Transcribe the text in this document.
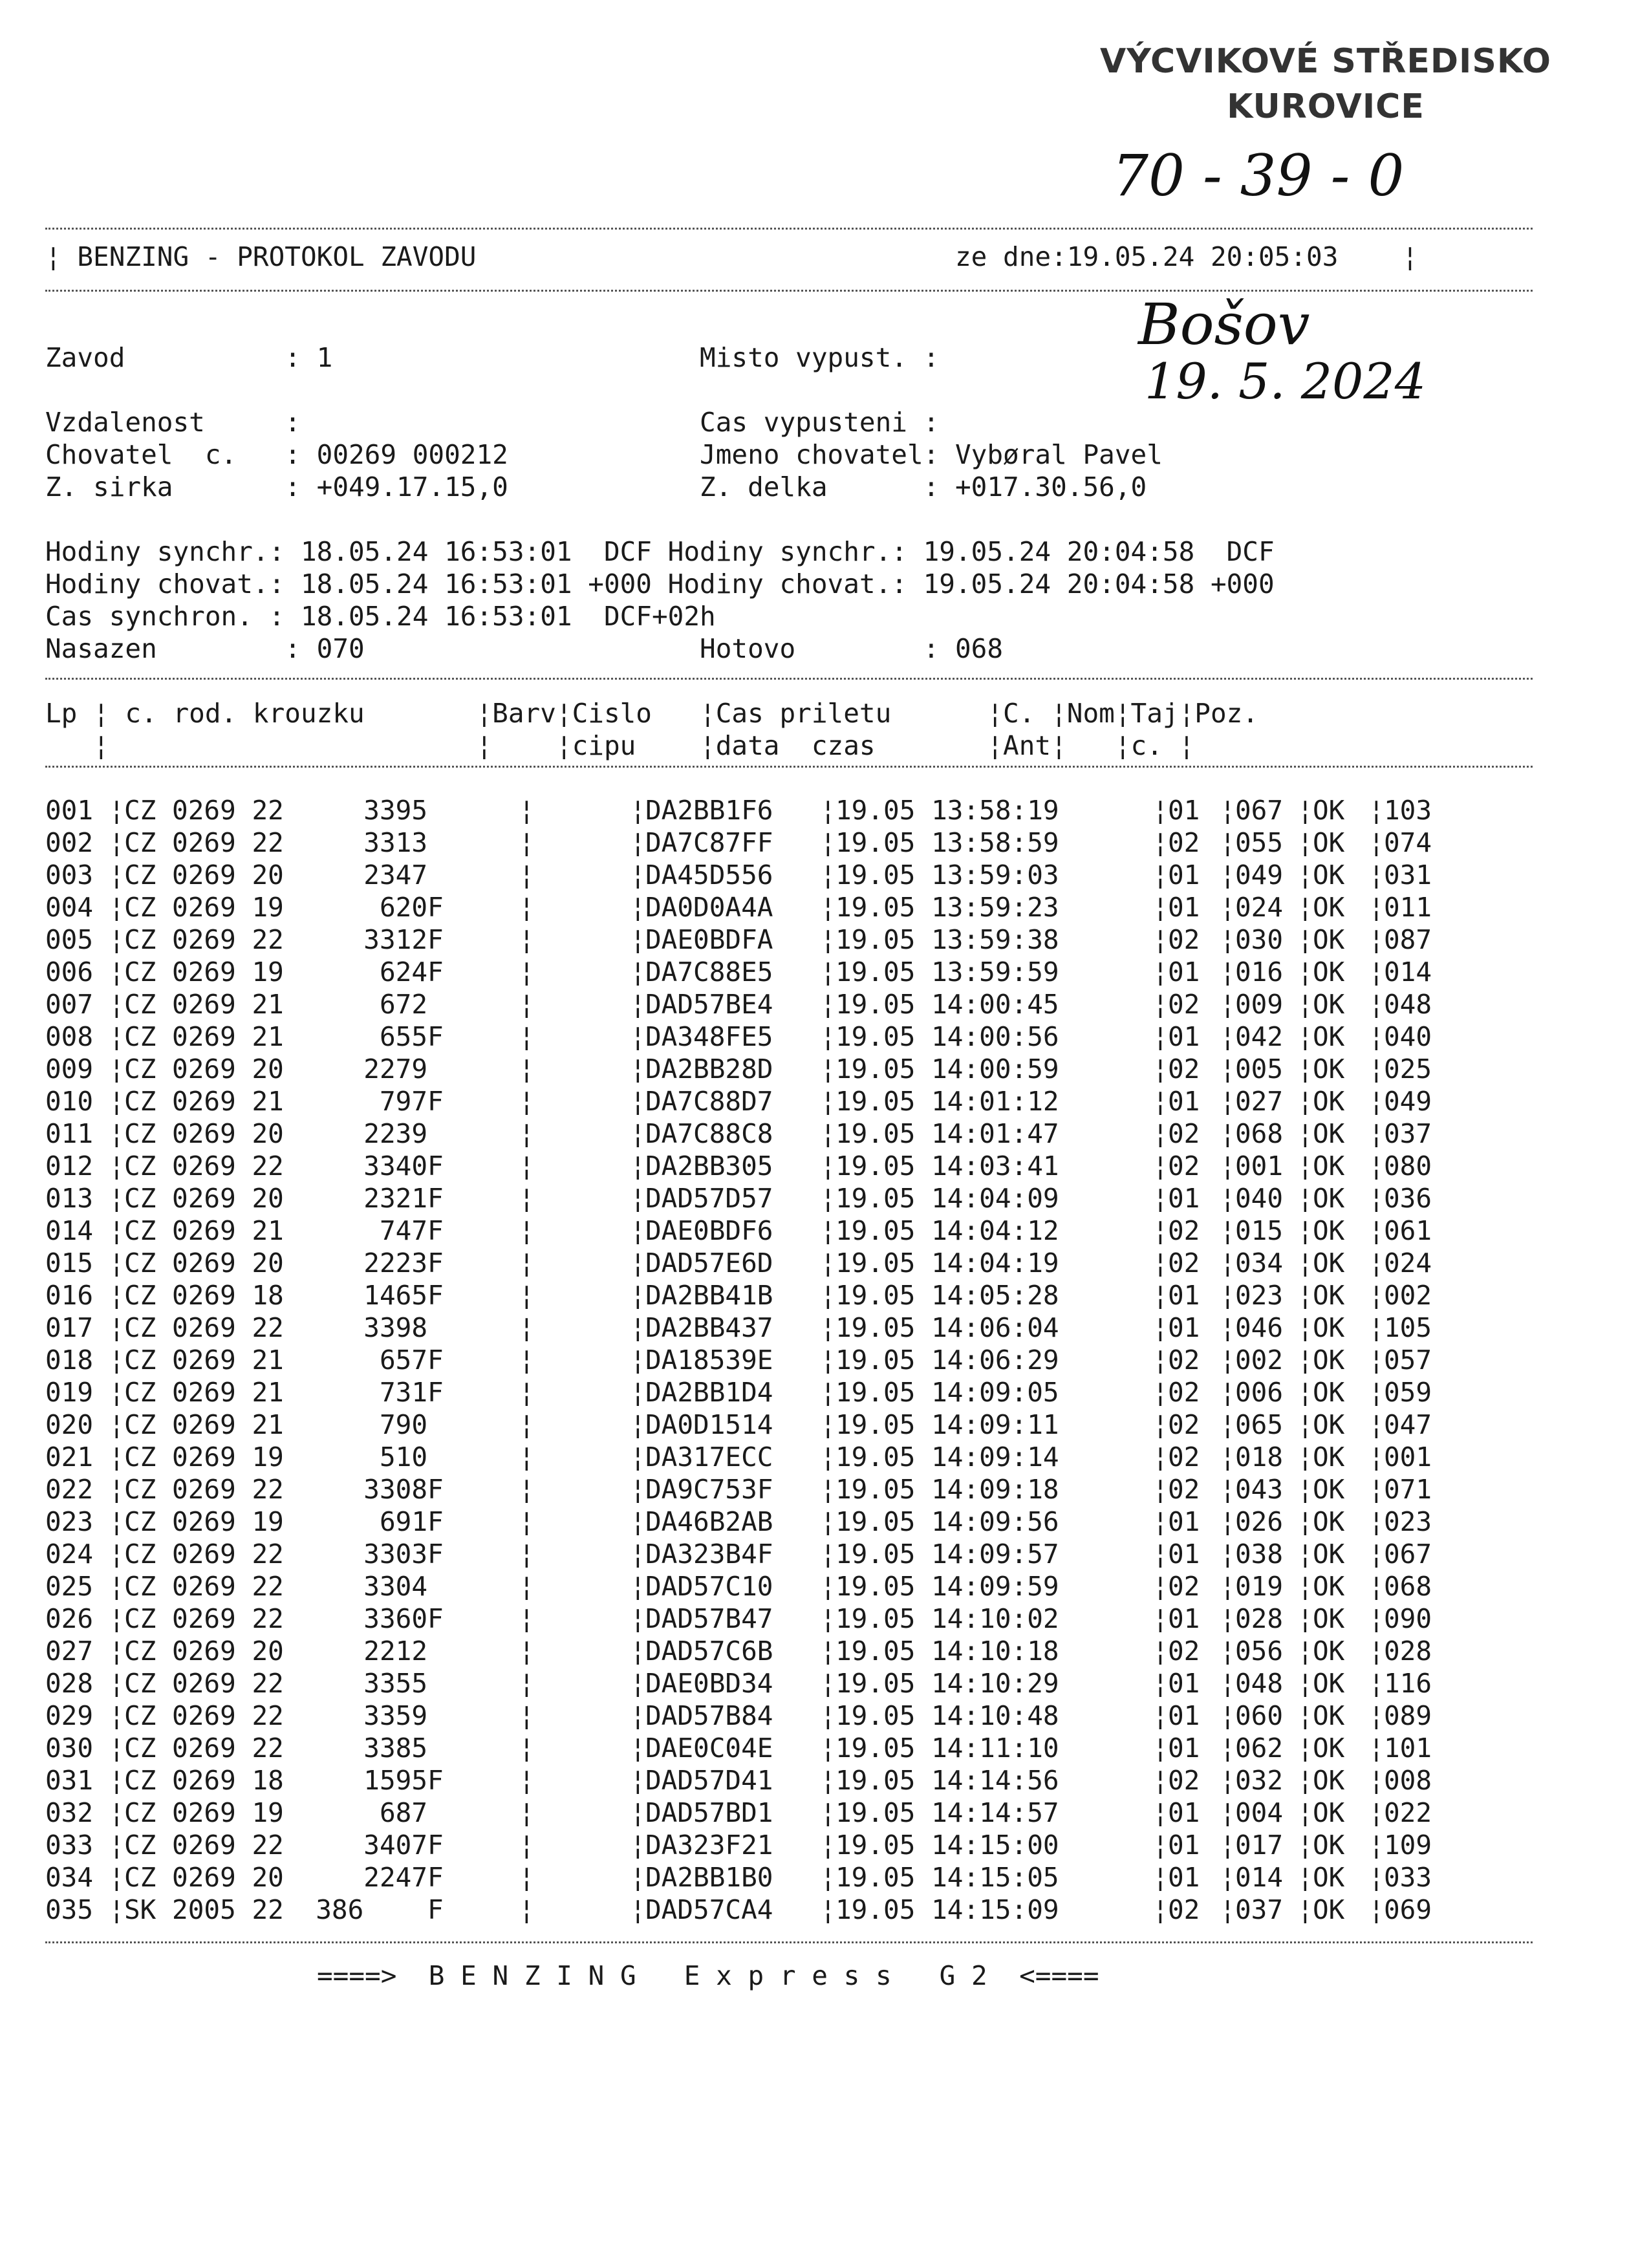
VÝCVIKOVÉ STŘEDISKO
KUROVICE
70 - 39 - 0
Bošov
19. 5. 2024
¦ BENZING - PROTOKOL ZAVODU                              ze dne:19.05.24 20:05:03    ¦
Zavod          : 1                       Misto vypust. :

Vzdalenost     :                         Cas vypusteni :
Chovatel  c.   : 00269 000212            Jmeno chovatel: Vybøral Pavel
Z. sirka       : +049.17.15,0            Z. delka      : +017.30.56,0

Hodiny synchr.: 18.05.24 16:53:01  DCF Hodiny synchr.: 19.05.24 20:04:58  DCF
Hodiny chovat.: 18.05.24 16:53:01 +000 Hodiny chovat.: 19.05.24 20:04:58 +000
Cas synchron. : 18.05.24 16:53:01  DCF+02h
Nasazen        : 070                     Hotovo        : 068
Lp ¦ c. rod. krouzku       ¦Barv¦Cislo   ¦Cas priletu      ¦C. ¦Nom¦Taj¦Poz.
¦                       ¦    ¦cipu    ¦data  czas       ¦Ant¦   ¦c. ¦
001 ¦ CZ 0269 22     3395	¦	¦ DA2BB1F6	¦ 19.05 13:58:19	¦ 01 ¦ 067 ¦ OK ¦ 103
002 ¦ CZ 0269 22     3313	¦	¦ DA7C87FF	¦ 19.05 13:58:59	¦ 02 ¦ 055 ¦ OK ¦ 074
003 ¦ CZ 0269 20     2347	¦	¦ DA45D556	¦ 19.05 13:59:03	¦ 01 ¦ 049 ¦ OK ¦ 031
004 ¦ CZ 0269 19      620F	¦	¦ DA0D0A4A	¦ 19.05 13:59:23	¦ 01 ¦ 024 ¦ OK ¦ 011
005 ¦ CZ 0269 22     3312F	¦	¦ DAE0BDFA	¦ 19.05 13:59:38	¦ 02 ¦ 030 ¦ OK ¦ 087
006 ¦ CZ 0269 19      624F	¦	¦ DA7C88E5	¦ 19.05 13:59:59	¦ 01 ¦ 016 ¦ OK ¦ 014
007 ¦ CZ 0269 21      672	¦	¦ DAD57BE4	¦ 19.05 14:00:45	¦ 02 ¦ 009 ¦ OK ¦ 048
008 ¦ CZ 0269 21      655F	¦	¦ DA348FE5	¦ 19.05 14:00:56	¦ 01 ¦ 042 ¦ OK ¦ 040
009 ¦ CZ 0269 20     2279	¦	¦ DA2BB28D	¦ 19.05 14:00:59	¦ 02 ¦ 005 ¦ OK ¦ 025
010 ¦ CZ 0269 21      797F	¦	¦ DA7C88D7	¦ 19.05 14:01:12	¦ 01 ¦ 027 ¦ OK ¦ 049
011 ¦ CZ 0269 20     2239	¦	¦ DA7C88C8	¦ 19.05 14:01:47	¦ 02 ¦ 068 ¦ OK ¦ 037
012 ¦ CZ 0269 22     3340F	¦	¦ DA2BB305	¦ 19.05 14:03:41	¦ 02 ¦ 001 ¦ OK ¦ 080
013 ¦ CZ 0269 20     2321F	¦	¦ DAD57D57	¦ 19.05 14:04:09	¦ 01 ¦ 040 ¦ OK ¦ 036
014 ¦ CZ 0269 21      747F	¦	¦ DAE0BDF6	¦ 19.05 14:04:12	¦ 02 ¦ 015 ¦ OK ¦ 061
015 ¦ CZ 0269 20     2223F	¦	¦ DAD57E6D	¦ 19.05 14:04:19	¦ 02 ¦ 034 ¦ OK ¦ 024
016 ¦ CZ 0269 18     1465F	¦	¦ DA2BB41B	¦ 19.05 14:05:28	¦ 01 ¦ 023 ¦ OK ¦ 002
017 ¦ CZ 0269 22     3398	¦	¦ DA2BB437	¦ 19.05 14:06:04	¦ 01 ¦ 046 ¦ OK ¦ 105
018 ¦ CZ 0269 21      657F	¦	¦ DA18539E	¦ 19.05 14:06:29	¦ 02 ¦ 002 ¦ OK ¦ 057
019 ¦ CZ 0269 21      731F	¦	¦ DA2BB1D4	¦ 19.05 14:09:05	¦ 02 ¦ 006 ¦ OK ¦ 059
020 ¦ CZ 0269 21      790	¦	¦ DA0D1514	¦ 19.05 14:09:11	¦ 02 ¦ 065 ¦ OK ¦ 047
021 ¦ CZ 0269 19      510	¦	¦ DA317ECC	¦ 19.05 14:09:14	¦ 02 ¦ 018 ¦ OK ¦ 001
022 ¦ CZ 0269 22     3308F	¦	¦ DA9C753F	¦ 19.05 14:09:18	¦ 02 ¦ 043 ¦ OK ¦ 071
023 ¦ CZ 0269 19      691F	¦	¦ DA46B2AB	¦ 19.05 14:09:56	¦ 01 ¦ 026 ¦ OK ¦ 023
024 ¦ CZ 0269 22     3303F	¦	¦ DA323B4F	¦ 19.05 14:09:57	¦ 01 ¦ 038 ¦ OK ¦ 067
025 ¦ CZ 0269 22     3304	¦	¦ DAD57C10	¦ 19.05 14:09:59	¦ 02 ¦ 019 ¦ OK ¦ 068
026 ¦ CZ 0269 22     3360F	¦	¦ DAD57B47	¦ 19.05 14:10:02	¦ 01 ¦ 028 ¦ OK ¦ 090
027 ¦ CZ 0269 20     2212	¦	¦ DAD57C6B	¦ 19.05 14:10:18	¦ 02 ¦ 056 ¦ OK ¦ 028
028 ¦ CZ 0269 22     3355	¦	¦ DAE0BD34	¦ 19.05 14:10:29	¦ 01 ¦ 048 ¦ OK ¦ 116
029 ¦ CZ 0269 22     3359	¦	¦ DAD57B84	¦ 19.05 14:10:48	¦ 01 ¦ 060 ¦ OK ¦ 089
030 ¦ CZ 0269 22     3385	¦	¦ DAE0C04E	¦ 19.05 14:11:10	¦ 01 ¦ 062 ¦ OK ¦ 101
031 ¦ CZ 0269 18     1595F	¦	¦ DAD57D41	¦ 19.05 14:14:56	¦ 02 ¦ 032 ¦ OK ¦ 008
032 ¦ CZ 0269 19      687	¦	¦ DAD57BD1	¦ 19.05 14:14:57	¦ 01 ¦ 004 ¦ OK ¦ 022
033 ¦ CZ 0269 22     3407F	¦	¦ DA323F21	¦ 19.05 14:15:00	¦ 01 ¦ 017 ¦ OK ¦ 109
034 ¦ CZ 0269 20     2247F	¦	¦ DA2BB1B0	¦ 19.05 14:15:05	¦ 01 ¦ 014 ¦ OK ¦ 033
035 ¦ SK 2005 22  386    F	¦	¦ DAD57CA4	¦ 19.05 14:15:09	¦ 02 ¦ 037 ¦ OK ¦ 069
====>  B E N Z I N G   E x p r e s s   G 2  <====
